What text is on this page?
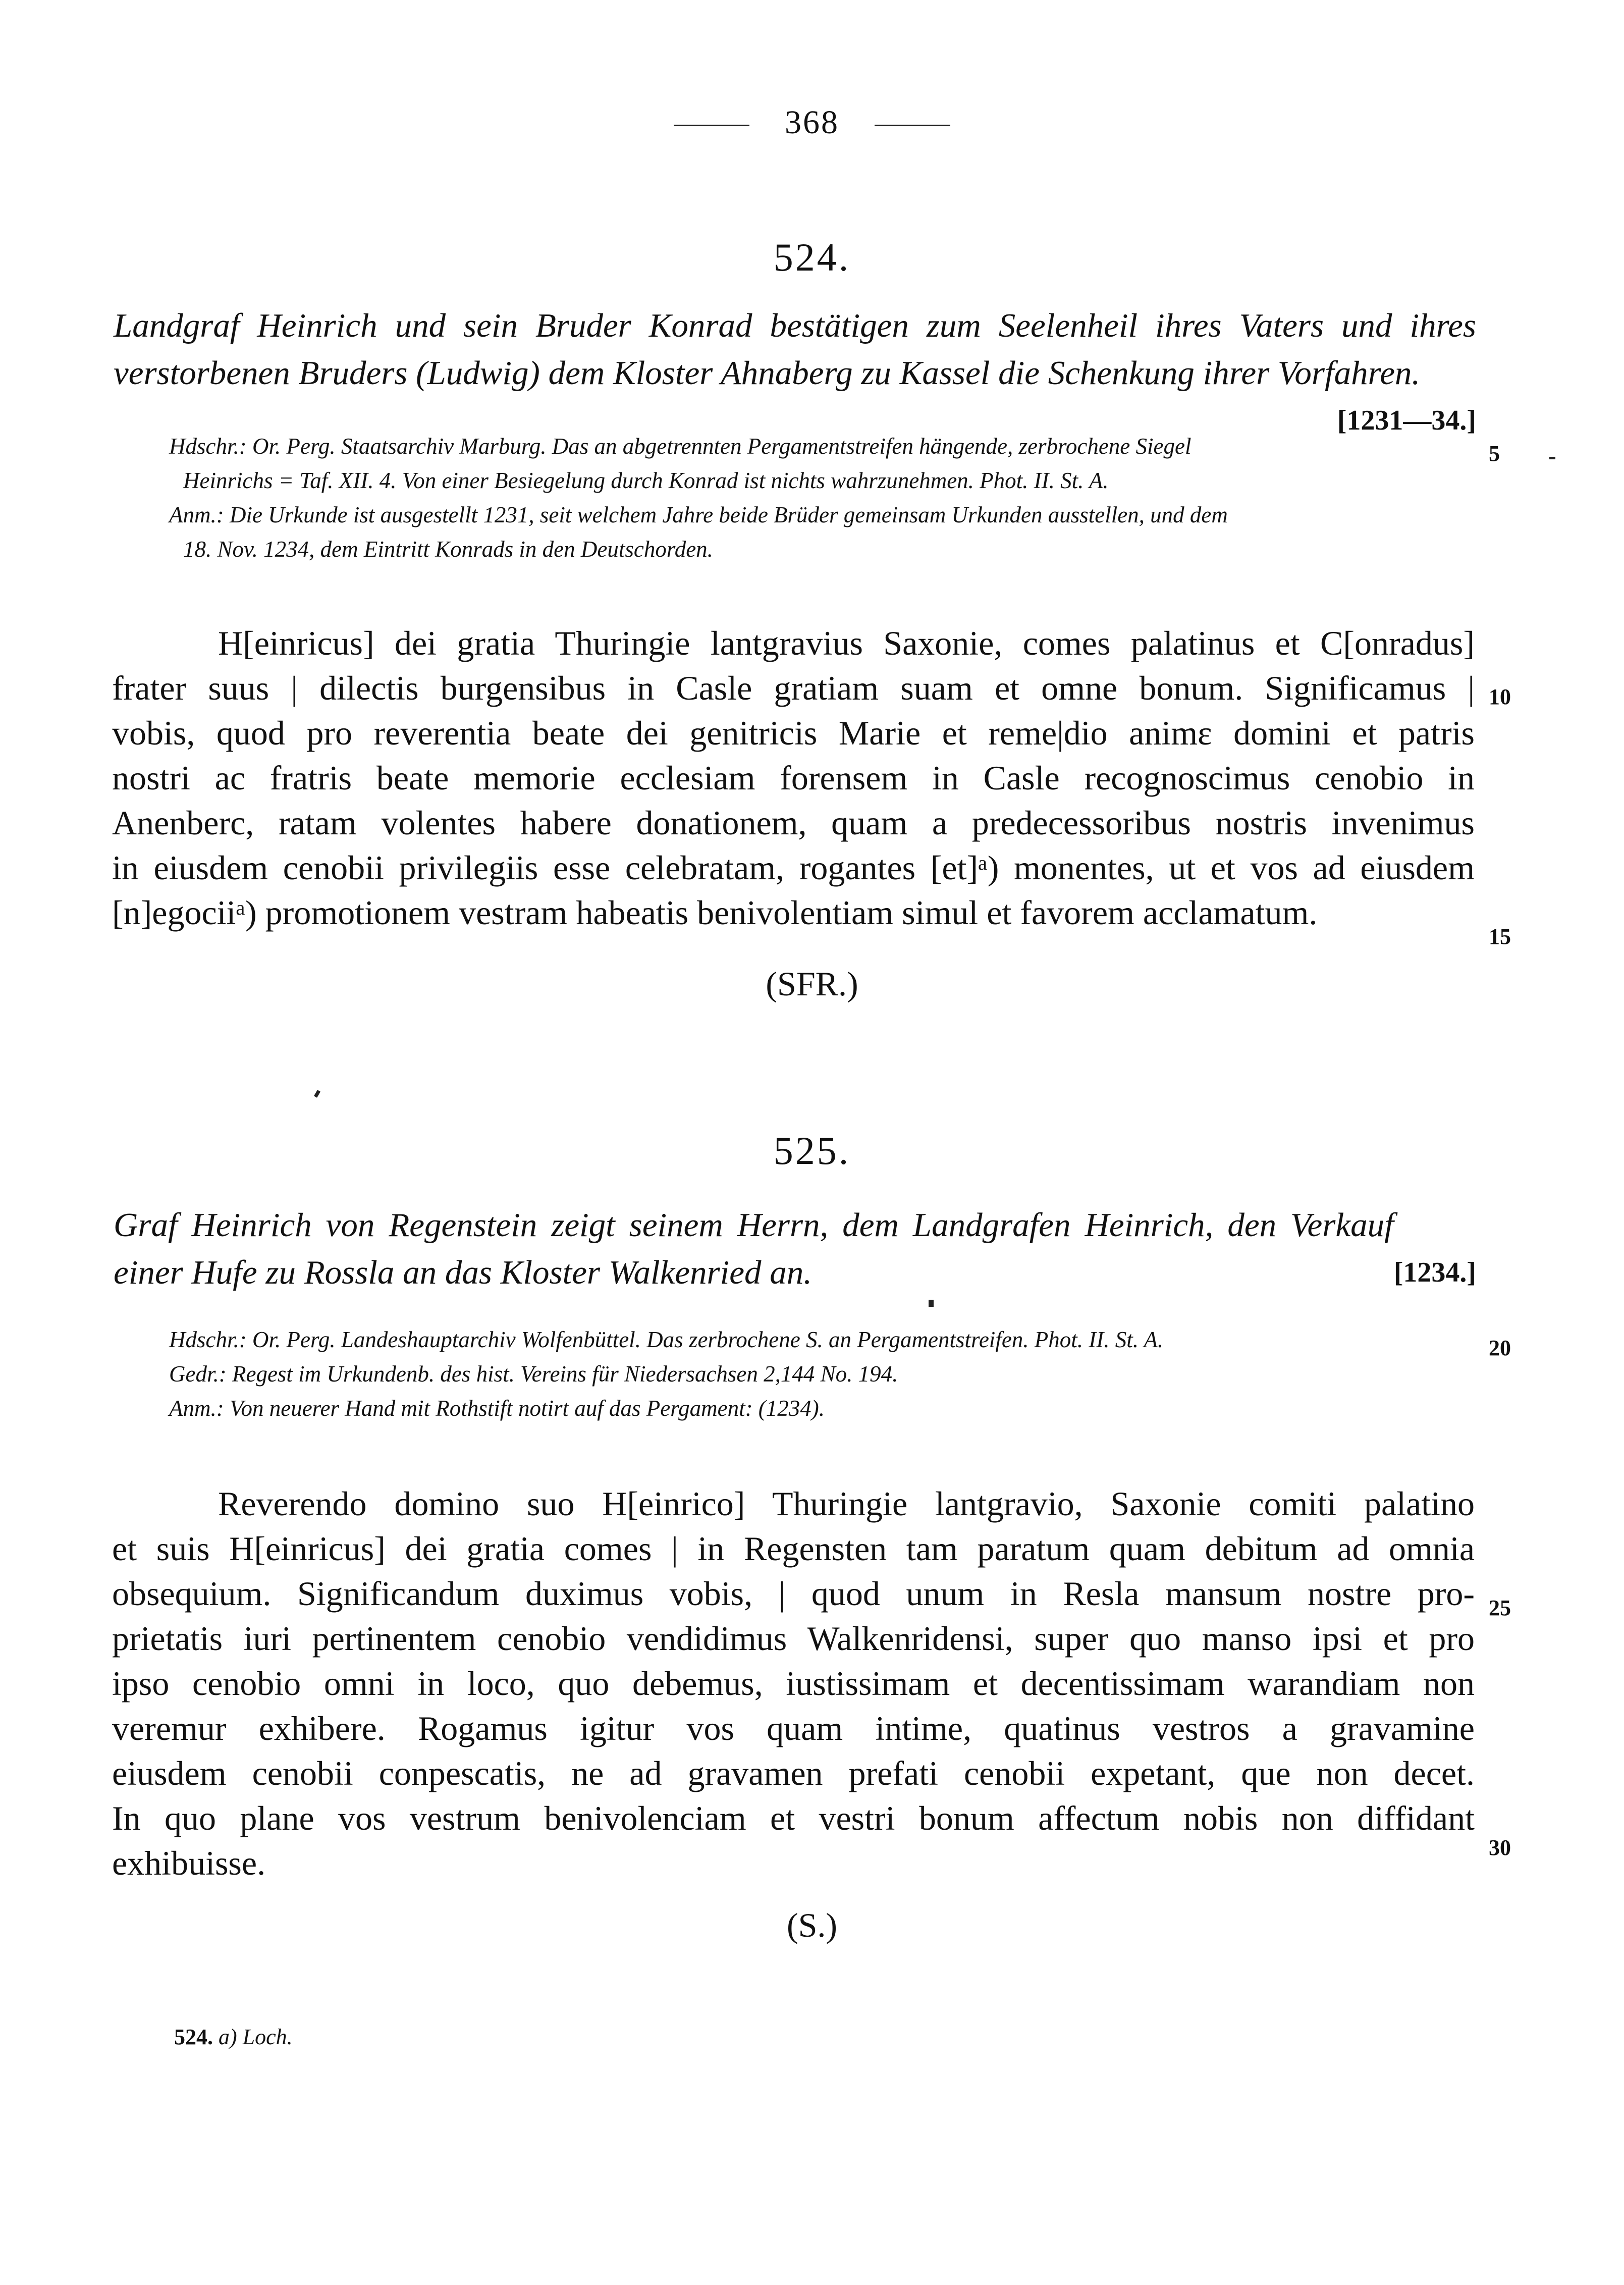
368
524.
Landgraf Heinrich und sein Bruder Konrad bestätigen zum Seelenheil ihres Vaters und ihres verstorbenen Bruders (Ludwig) dem Kloster Ahnaberg zu Kassel die Schenkung ihrer Vorfahren.
[1231—34.]
Hdschr.: Or. Perg. Staatsarchiv Marburg. Das an abgetrennten Pergamentstreifen hängende, zerbrochene Siegel
Heinrichs = Taf. XII. 4. Von einer Besiegelung durch Konrad ist nichts wahrzunehmen. Phot. II. St. A.
Anm.: Die Urkunde ist ausgestellt 1231, seit welchem Jahre beide Brüder gemeinsam Urkunden ausstellen, und dem
18. Nov. 1234, dem Eintritt Konrads in den Deutschorden.
5
H[einricus] dei gratia Thuringie lantgravius Saxonie, comes palatinus et C[onradus]
frater suus | dilectis burgensibus in Casle gratiam suam et omne bonum. Significamus |
vobis, quod pro reverentia beate dei genitricis Marie et reme|dio animε domini et patris
nostri ac fratris beate memorie ecclesiam forensem in Casle recognoscimus cenobio in
Anenberc, ratam volentes habere donationem, quam a predecessoribus nostris invenimus
in eiusdem cenobii privilegiis esse celebratam, rogantes [et]ᵃ) monentes, ut et vos ad eiusdem
[n]egociiᵃ) promotionem vestram habeatis benivolentiam simul et favorem acclamatum.
10
15
(SFR.)
525.
[1234.]
Graf Heinrich von Regenstein zeigt seinem Herrn, dem Landgrafen Heinrich, den Verkauf einer Hufe zu Rossla an das Kloster Walkenried an.
Hdschr.: Or. Perg. Landeshauptarchiv Wolfenbüttel. Das zerbrochene S. an Pergamentstreifen. Phot. II. St. A.
Gedr.: Regest im Urkundenb. des hist. Vereins für Niedersachsen 2,144 No. 194.
Anm.: Von neuerer Hand mit Rothstift notirt auf das Pergament: (1234).
20
Reverendo domino suo H[einrico] Thuringie lantgravio, Saxonie comiti palatino
et suis H[einricus] dei gratia comes | in Regensten tam paratum quam debitum ad omnia
obsequium. Significandum duximus vobis, | quod unum in Resla mansum nostre pro-
prietatis iuri pertinentem cenobio vendidimus Walkenridensi, super quo manso ipsi et pro
ipso cenobio omni in loco, quo debemus, iustissimam et decentissimam warandiam non
veremur exhibere. Rogamus igitur vos quam intime, quatinus vestros a gravamine
eiusdem cenobii conpescatis, ne ad gravamen prefati cenobii expetant, que non decet.
In quo plane vos vestrum benivolenciam et vestri bonum affectum nobis non diffidant
exhibuisse.
25
30
(S.)
524. a) Loch.
